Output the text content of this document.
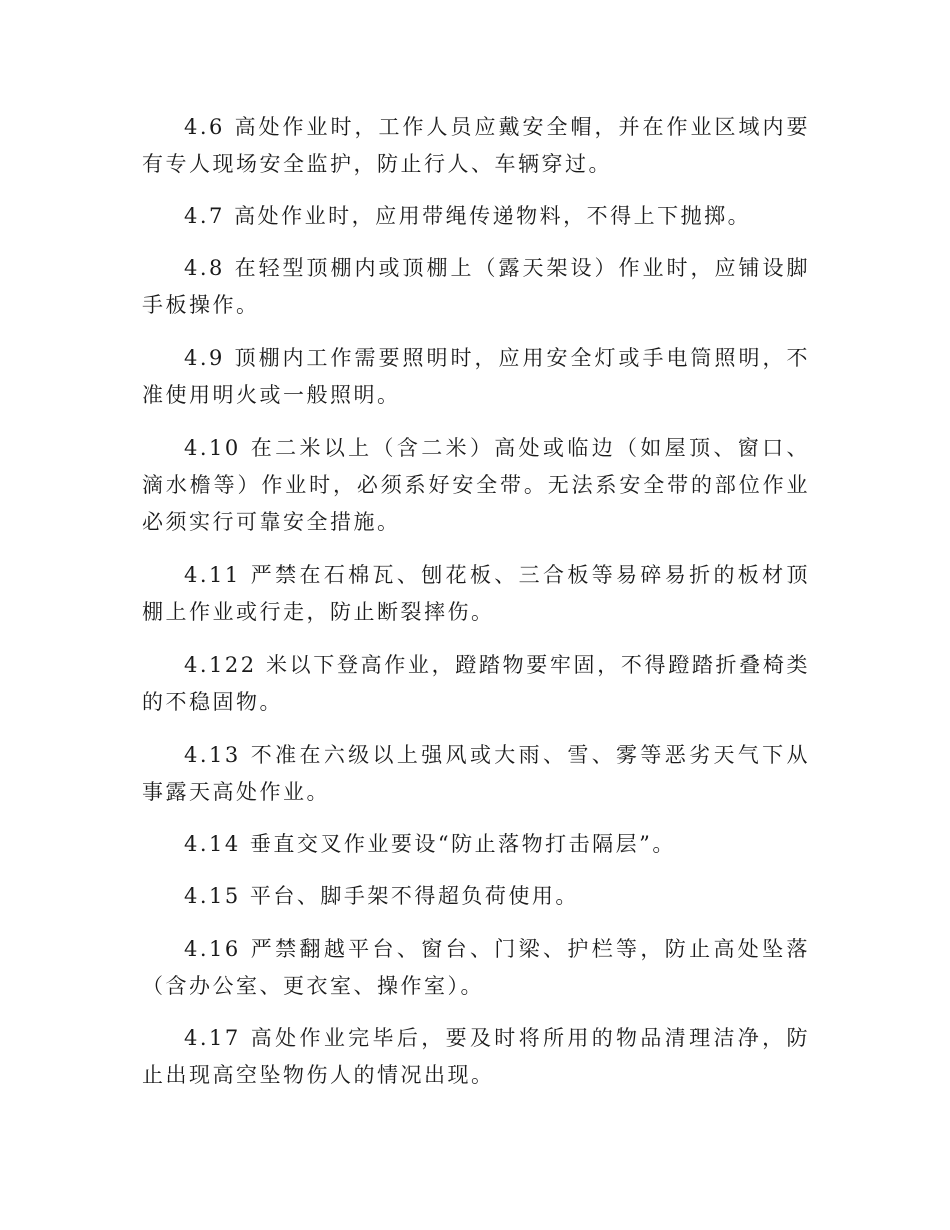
4.6 高处作业时，工作人员应戴安全帽，并在作业区域内要有专人现场安全监护，防止行人、车辆穿过。

4.7 高处作业时，应用带绳传递物料，不得上下抛掷。

4.8 在轻型顶棚内或顶棚上（露天架设）作业时，应铺设脚手板操作。

4.9 顶棚内工作需要照明时，应用安全灯或手电筒照明，不准使用明火或一般照明。

4.10 在二米以上（含二米）高处或临边（如屋顶、窗口、滴水檐等）作业时，必须系好安全带。无法系安全带的部位作业必须实行可靠安全措施。

4.11 严禁在石棉瓦、刨花板、三合板等易碎易折的板材顶棚上作业或行走，防止断裂摔伤。

4.122 米以下登高作业，蹬踏物要牢固，不得蹬踏折叠椅类的不稳固物。

4.13 不准在六级以上强风或大雨、雪、雾等恶劣天气下从事露天高处作业。

4.14 垂直交叉作业要设“防止落物打击隔层”。

4.15 平台、脚手架不得超负荷使用。

4.16 严禁翻越平台、窗台、门梁、护栏等，防止高处坠落（含办公室、更衣室、操作室）。

4.17 高处作业完毕后，要及时将所用的物品清理洁净，防止出现高空坠物伤人的情况出现。
